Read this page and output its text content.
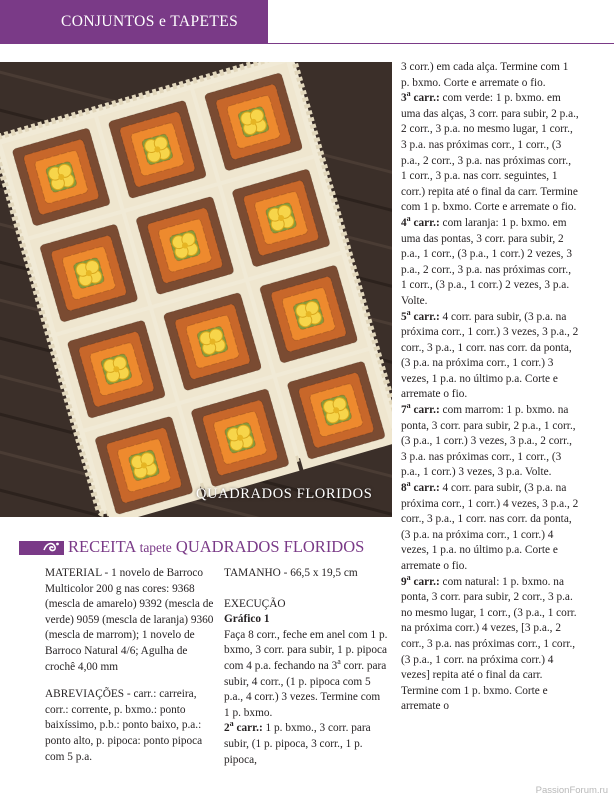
CONJUNTOS e TAPETES
QUADRADOS FLORIDOS
RECEITA tapete QUADRADOS FLORIDOS

MATERIAL - 1 novelo de Barroco Multicolor 200 g nas cores: 9368 (mescla de amarelo) 9392 (mescla de verde) 9059 (mescla de laranja) 9360 (mescla de marrom); 1 novelo de Barroco Natural 4/6; Agulha de crochê 4,00 mm

ABREVIAÇÕES - carr.: carreira, corr.: corrente, p. bxmo.: ponto baixíssimo, p.b.: ponto baixo, p.a.: ponto alto, p. pipoca: ponto pipoca com 5 p.a.

TAMANHO - 66,5 x 19,5 cm

EXECUÇÃO

Gráfico 1

Faça 8 corr., feche em anel com 1 p. bxmo, 3 corr. para subir, 1 p. pipoca com 4 p.a. fechando na 3$^a$ corr. para subir, 4 corr., (1 p. pipoca com 5 p.a., 4 corr.) 3 vezes. Termine com 1 p. bxmo.

2$^a$ carr.: 1 p. bxmo., 3 corr. para subir, (1 p. pipoca, 3 corr., 1 p. pipoca,

3 corr.) em cada alça. Termine com 1 p. bxmo. Corte e arremate o fio.

3$^a$ carr.: com verde: 1 p. bxmo. em uma das alças, 3 corr. para subir, 2 p.a., 2 corr., 3 p.a. no mesmo lugar, 1 corr., 3 p.a. nas próximas corr., 1 corr., (3 p.a., 2 corr., 3 p.a. nas próximas corr., 1 corr., 3 p.a. nas corr. seguintes, 1 corr.) repita até o final da carr. Termine com 1 p. bxmo. Corte e arremate o fio.

4$^a$ carr.: com laranja: 1 p. bxmo. em uma das pontas, 3 corr. para subir, 2 p.a., 1 corr., (3 p.a., 1 corr.) 2 vezes, 3 p.a., 2 corr., 3 p.a. nas próximas corr., 1 corr., (3 p.a., 1 corr.) 2 vezes, 3 p.a. Volte.

5$^a$ carr.: 4 corr. para subir, (3 p.a. na próxima corr., 1 corr.) 3 vezes, 3 p.a., 2 corr., 3 p.a., 1 corr. nas corr. da ponta, (3 p.a. na próxima corr., 1 corr.) 3 vezes, 1 p.a. no último p.a. Corte e arremate o fio.

7$^a$ carr.: com marrom: 1 p. bxmo. na ponta, 3 corr. para subir, 2 p.a., 1 corr., (3 p.a., 1 corr.) 3 vezes, 3 p.a., 2 corr., 3 p.a. nas próximas corr., 1 corr., (3 p.a., 1 corr.) 3 vezes, 3 p.a. Volte.

8$^a$ carr.: 4 corr. para subir, (3 p.a. na próxima corr., 1 corr.) 4 vezes, 3 p.a., 2 corr., 3 p.a., 1 corr. nas corr. da ponta, (3 p.a. na próxima corr., 1 corr.) 4 vezes, 1 p.a. no último p.a. Corte e arremate o fio.

9$^a$ carr.: com natural: 1 p. bxmo. na ponta, 3 corr. para subir, 2 corr., 3 p.a. no mesmo lugar, 1 corr., (3 p.a., 1 corr. na próxima corr.) 4 vezes, [3 p.a., 2 corr., 3 p.a. nas próximas corr., 1 corr., (3 p.a., 1 corr. na próxima corr.) 4 vezes] repita até o final da carr. Termine com 1 p. bxmo. Corte e arremate o

PassionForum.ru
